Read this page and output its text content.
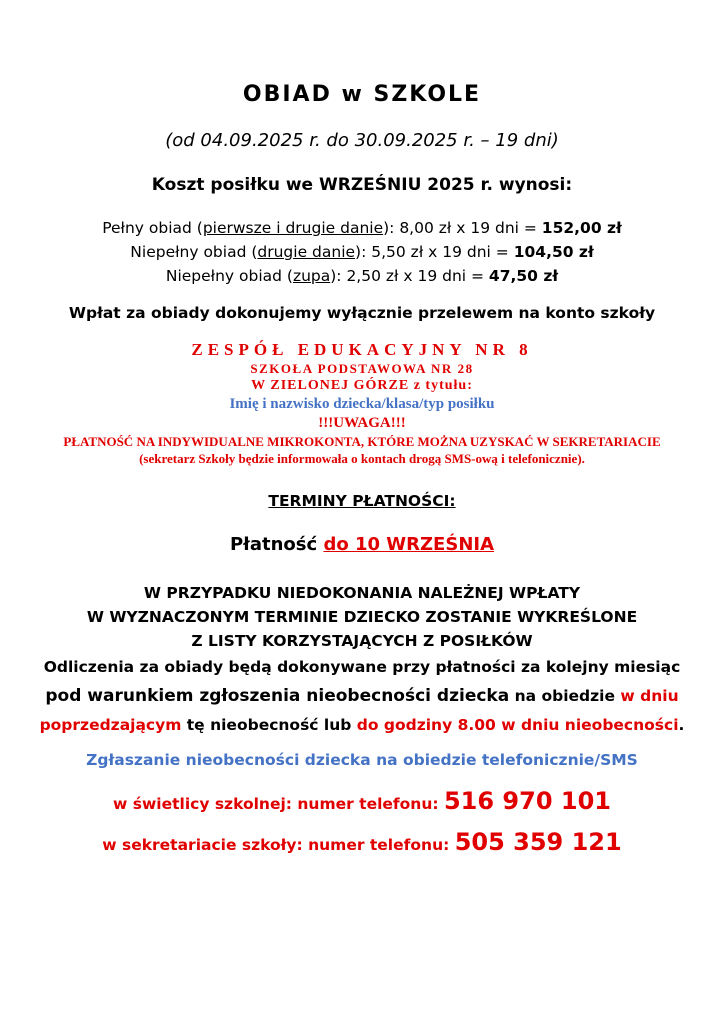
OBIAD w SZKOLE
(od 04.09.2025 r. do 30.09.2025 r. – 19 dni)
Koszt posiłku we WRZEŚNIU 2025 r. wynosi:
Pełny obiad (pierwsze i drugie danie): 8,00 zł x 19 dni = 152,00 zł
Niepełny obiad (drugie danie): 5,50 zł x 19 dni = 104,50 zł
Niepełny obiad (zupa): 2,50 zł x 19 dni = 47,50 zł
Wpłat za obiady dokonujemy wyłącznie przelewem na konto szkoły
ZESPÓŁ EDUKACYJNY NR 8
SZKOŁA PODSTAWOWA NR 28
W ZIELONEJ GÓRZE z tytułu:
Imię i nazwisko dziecka/klasa/typ posiłku
!!!UWAGA!!!
PŁATNOŚĆ NA INDYWIDUALNE MIKROKONTA, KTÓRE MOŻNA UZYSKAĆ W SEKRETARIACIE (sekretarz Szkoły będzie informowała o kontach drogą SMS-ową i telefonicznie).
TERMINY PŁATNOŚCI:
Płatność do 10 WRZEŚNIA
W PRZYPADKU NIEDOKONANIA NALEŻNEJ WPŁATY
W WYZNACZONYM TERMINIE DZIECKO ZOSTANIE WYKREŚLONE
Z LISTY KORZYSTAJĄCYCH Z POSIŁKÓW
Odliczenia za obiady będą dokonywane przy płatności za kolejny miesiąc pod warunkiem zgłoszenia nieobecności dziecka na obiedzie w dniu poprzedzającym tę nieobecność lub do godziny 8.00 w dniu nieobecności.
Zgłaszanie nieobecności dziecka na obiedzie telefonicznie/SMS
w świetlicy szkolnej: numer telefonu: 516 970 101
w sekretariacie szkoły: numer telefonu: 505 359 121
